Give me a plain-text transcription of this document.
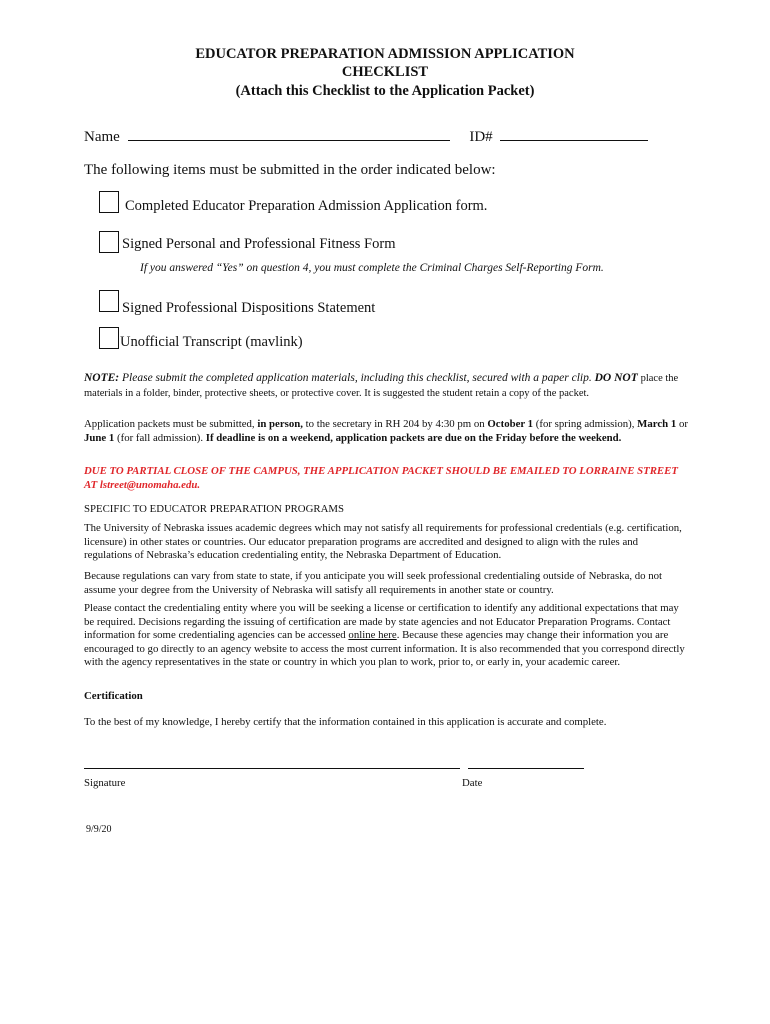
EDUCATOR PREPARATION ADMISSION APPLICATION
CHECKLIST
(Attach this Checklist to the Application Packet)
Name	ID#
The following items must be submitted in the order indicated below:
Completed Educator Preparation Admission Application form.
Signed Personal and Professional Fitness Form
If you answered “Yes” on question 4, you must complete the Criminal Charges Self-Reporting Form.
Signed Professional Dispositions Statement
Unofficial Transcript (mavlink)
NOTE: Please submit the completed application materials, including this checklist, secured with a paper clip. DO NOT place the materials in a folder, binder, protective sheets, or protective cover. It is suggested the student retain a copy of the packet.
Application packets must be submitted, in person, to the secretary in RH 204 by 4:30 pm on October 1 (for spring admission), March 1 or June 1 (for fall admission). If deadline is on a weekend, application packets are due on the Friday before the weekend.
DUE TO PARTIAL CLOSE OF THE CAMPUS, THE APPLICATION PACKET SHOULD BE EMAILED TO LORRAINE STREET AT lstreet@unomaha.edu.
SPECIFIC TO EDUCATOR PREPARATION PROGRAMS
The University of Nebraska issues academic degrees which may not satisfy all requirements for professional credentials (e.g. certification, licensure) in other states or countries. Our educator preparation programs are accredited and designed to align with the rules and regulations of Nebraska’s education credentialing entity, the Nebraska Department of Education.
Because regulations can vary from state to state, if you anticipate you will seek professional credentialing outside of Nebraska, do not assume your degree from the University of Nebraska will satisfy all requirements in another state or country.
Please contact the credentialing entity where you will be seeking a license or certification to identify any additional expectations that may be required. Decisions regarding the issuing of certification are made by state agencies and not Educator Preparation Programs. Contact information for some credentialing agencies can be accessed online here. Because these agencies may change their information you are encouraged to go directly to an agency website to access the most current information. It is also recommended that you correspond directly with the agency representatives in the state or country in which you plan to work, prior to, or early in, your academic career.
Certification
To the best of my knowledge, I hereby certify that the information contained in this application is accurate and complete.
Signature	Date
9/9/20
